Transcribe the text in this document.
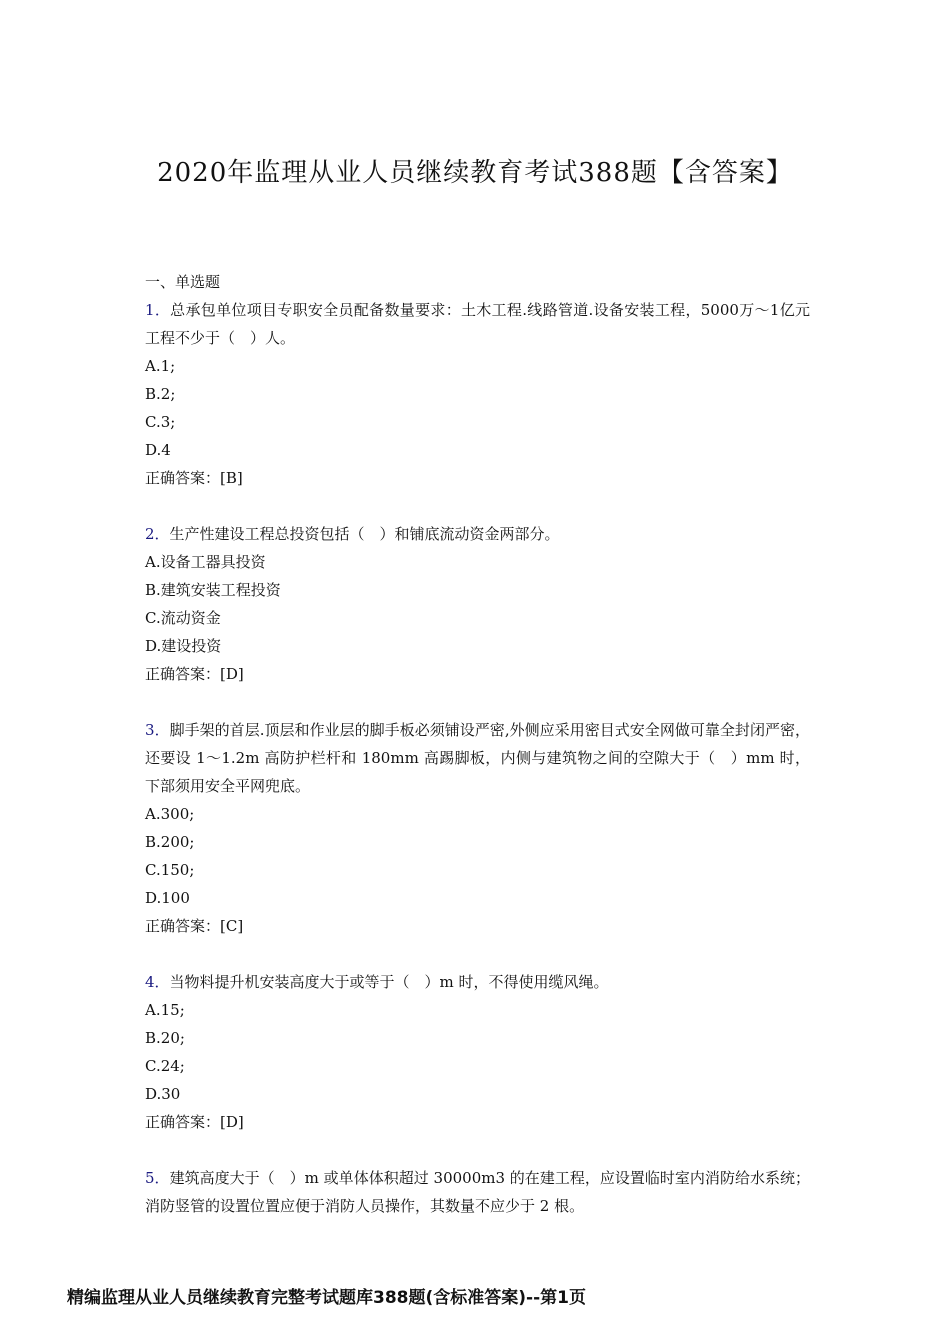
2020年监理从业人员继续教育考试388题【含答案】

一、单选题

1．总承包单位项目专职安全员配备数量要求：土木工程.线路管道.设备安装工程，5000万～1亿元工程不少于（　）人。

A.1;

B.2;

C.3;

D.4

正确答案：[B]

2．生产性建设工程总投资包括（　）和铺底流动资金两部分。

A.设备工器具投资

B.建筑安装工程投资

C.流动资金

D.建设投资

正确答案：[D]

3．脚手架的首层.顶层和作业层的脚手板必须铺设严密,外侧应采用密目式安全网做可靠全封闭严密，还要设 1～1.2m 高防护栏杆和 180mm 高踢脚板，内侧与建筑物之间的空隙大于（　）mm 时，下部须用安全平网兜底。

A.300;

B.200;

C.150;

D.100

正确答案：[C]

4．当物料提升机安装高度大于或等于（　）m 时，不得使用缆风绳。

A.15;

B.20;

C.24;

D.30

正确答案：[D]

5．建筑高度大于（　）m 或单体体积超过 30000m3 的在建工程，应设置临时室内消防给水系统；消防竖管的设置位置应便于消防人员操作，其数量不应少于 2 根。

精编监理从业人员继续教育完整考试题库388题(含标准答案)--第1页
